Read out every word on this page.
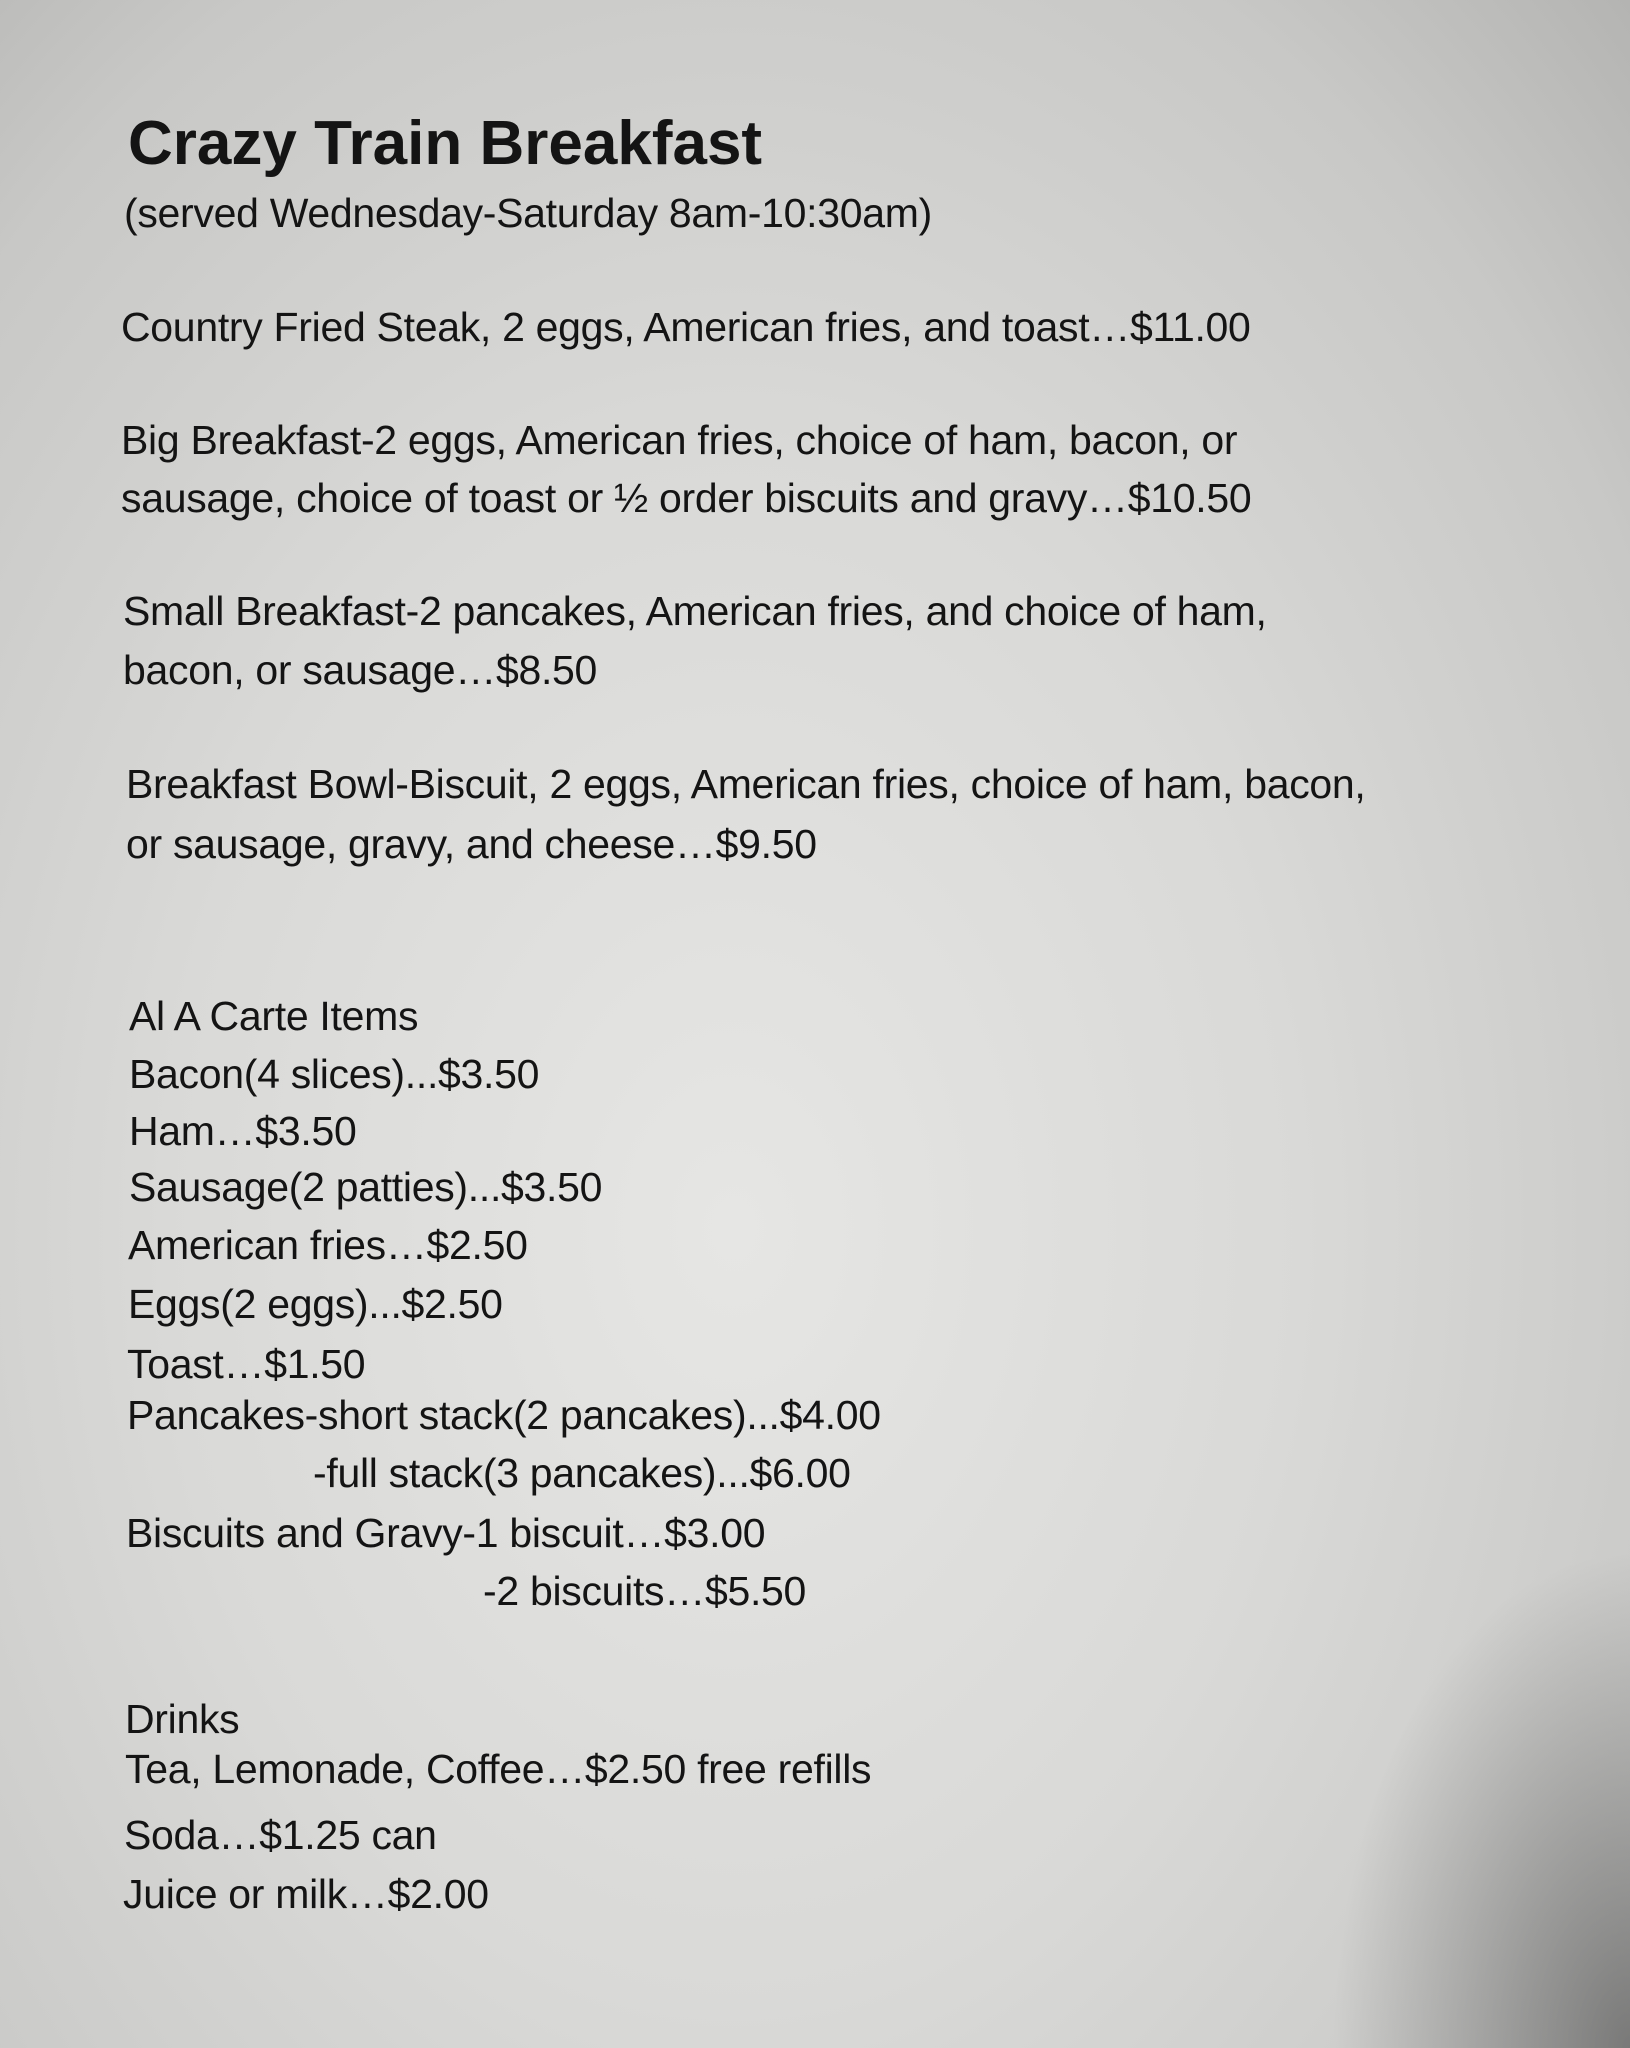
Crazy Train Breakfast
(served Wednesday-Saturday 8am-10:30am)
Country Fried Steak, 2 eggs, American fries, and toast…$11.00
Big Breakfast-2 eggs, American fries, choice of ham, bacon, or
sausage, choice of toast or ½ order biscuits and gravy…$10.50
Small Breakfast-2 pancakes, American fries, and choice of ham,
bacon, or sausage…$8.50
Breakfast Bowl-Biscuit, 2 eggs, American fries, choice of ham, bacon,
or sausage, gravy, and cheese…$9.50
Al A Carte Items
Bacon(4 slices)...$3.50
Ham…$3.50
Sausage(2 patties)...$3.50
American fries…$2.50
Eggs(2 eggs)...$2.50
Toast…$1.50
Pancakes-short stack(2 pancakes)...$4.00
-full stack(3 pancakes)...$6.00
Biscuits and Gravy-1 biscuit…$3.00
-2 biscuits…$5.50
Drinks
Tea, Lemonade, Coffee…$2.50 free refills
Soda…$1.25 can
Juice or milk…$2.00
